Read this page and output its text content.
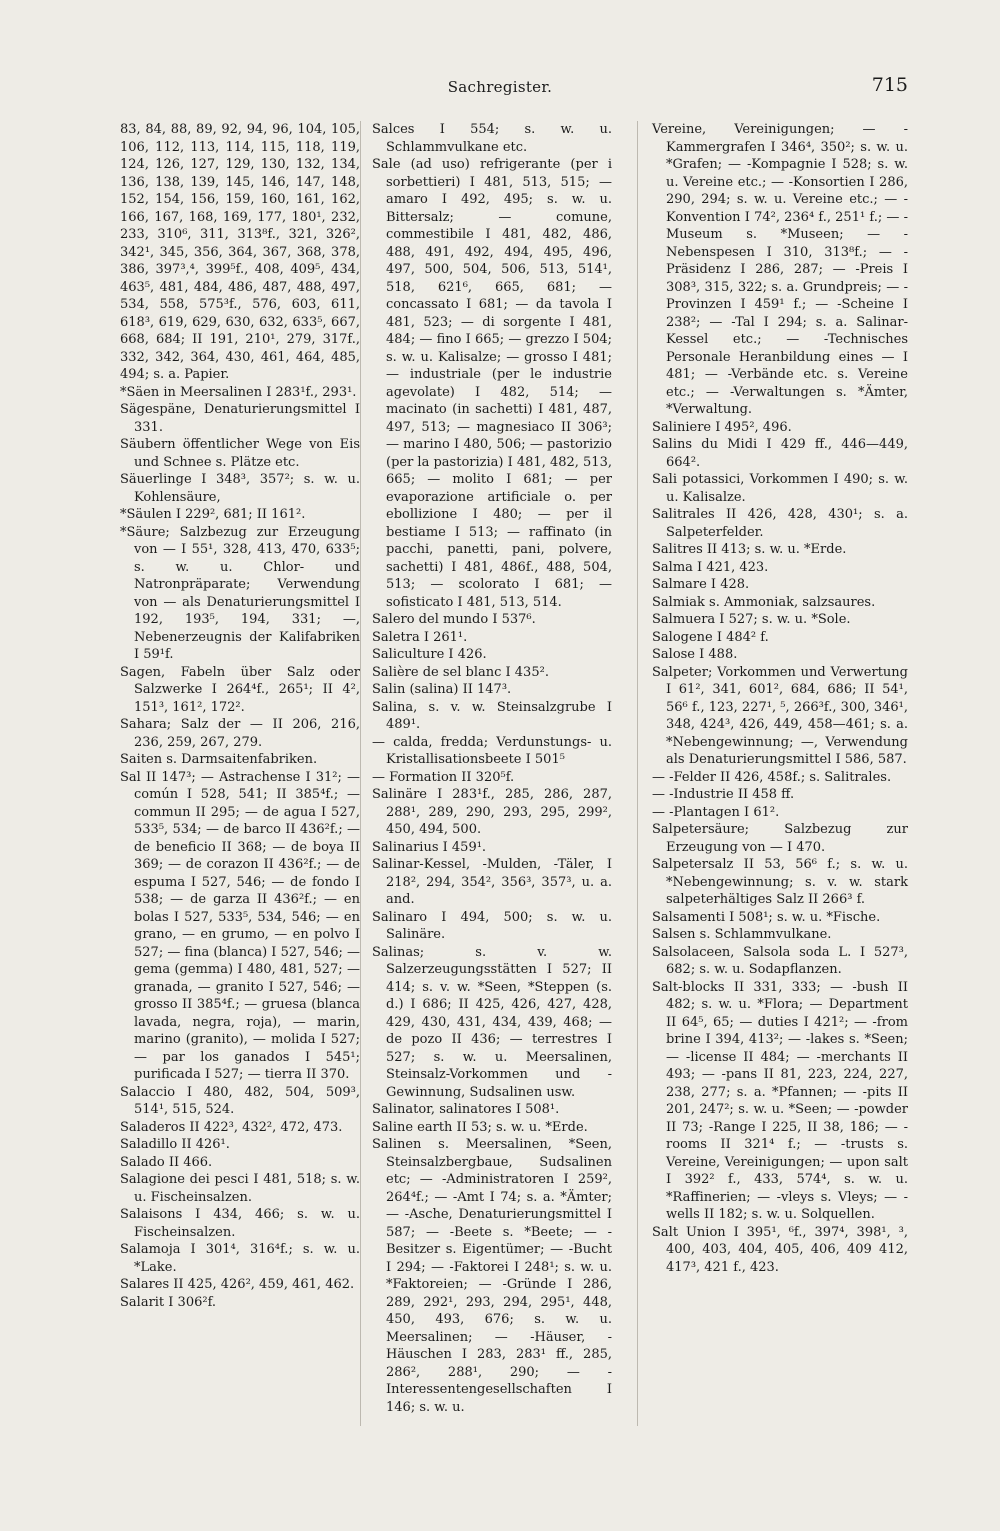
Sachregister.	715

83, 84, 88, 89, 92, 94, 96, 104, 105, 106, 112, 113, 114, 115, 118, 119, 124, 126, 127, 129, 130, 132, 134, 136, 138, 139, 145, 146, 147, 148, 152, 154, 156, 159, 160, 161, 162, 166, 167, 168, 169, 177, 180¹, 232, 233, 310⁶, 311, 313⁸f., 321, 326², 342¹, 345, 356, 364, 367, 368, 378, 386, 397³,⁴, 399⁵f., 408, 409⁵, 434, 463⁵, 481, 484, 486, 487, 488, 497, 534, 558, 575³f., 576, 603, 611, 618³, 619, 629, 630, 632, 633⁵, 667, 668, 684; II 191, 210¹, 279, 317f., 332, 342, 364, 430, 461, 464, 485, 494; s. a. Papier.

*Säen in Meersalinen I 283¹f., 293¹.

Sägespäne, Denaturierungsmittel I 331.

Säubern öffentlicher Wege von Eis und Schnee s. Plätze etc.

Säuerlinge I 348³, 357²; s. w. u. Kohlensäure,

*Säulen I 229², 681; II 161².

*Säure; Salzbezug zur Erzeugung von — I 55¹, 328, 413, 470, 633⁵; s. w. u. Chlor- und Natronpräparate; Verwendung von — als Denaturierungsmittel I 192, 193⁵, 194, 331; —, Nebenerzeugnis der Kalifabriken I 59¹f.

Sagen, Fabeln über Salz oder Salzwerke I 264⁴f., 265¹; II 4², 151³, 161², 172².

Sahara; Salz der — II 206, 216, 236, 259, 267, 279.

Saiten s. Darmsaitenfabriken.

Sal II 147³; — Astrachense I 31²; — común I 528, 541; II 385⁴f.; — commun II 295; — de agua I 527, 533⁵, 534; — de barco II 436²f.; — de beneficio II 368; — de boya II 369; — de corazon II 436²f.; — de espuma I 527, 546; — de fondo I 538; — de garza II 436²f.; — en bolas I 527, 533⁵, 534, 546; — en grano, — en grumo, — en polvo I 527; — fina (blanca) I 527, 546; — gema (gemma) I 480, 481, 527; — granada, — granito I 527, 546; — grosso II 385⁴f.; — gruesa (blanca lavada, negra, roja), — marin, marino (granito), — molida I 527; — par los ganados I 545¹; purificada I 527; — tierra II 370.

Salaccio I 480, 482, 504, 509³, 514¹, 515, 524.

Saladeros II 422³, 432², 472, 473.

Saladillo II 426¹.

Salado II 466.

Salagione dei pesci I 481, 518; s. w. u. Fischeinsalzen.

Salaisons I 434, 466; s. w. u. Fischeinsalzen.

Salamoja I 301⁴, 316⁴f.; s. w. u. *Lake.

Salares II 425, 426², 459, 461, 462.

Salarit I 306²f.

Salces I 554; s. w. u. Schlammvulkane etc.

Sale (ad uso) refrigerante (per i sorbettieri) I 481, 513, 515; — amaro I 492, 495; s. w. u. Bittersalz; — comune, commestibile I 481, 482, 486, 488, 491, 492, 494, 495, 496, 497, 500, 504, 506, 513, 514¹, 518, 621⁶, 665, 681; — concassato I 681; — da tavola I 481, 523; — di sorgente I 481, 484; — fino I 665; — grezzo I 504; s. w. u. Kalisalze; — grosso I 481; — industriale (per le industrie agevolate) I 482, 514; — macinato (in sachetti) I 481, 487, 497, 513; — magnesiaco II 306³; — marino I 480, 506; — pastorizio (per la pastorizia) I 481, 482, 513, 665; — molito I 681; — per evaporazione artificiale o. per ebollizione I 480; — per il bestiame I 513; — raffinato (in pacchi, panetti, pani, polvere, sachetti) I 481, 486f., 488, 504, 513; — scolorato I 681; — sofisticato I 481, 513, 514.

Salero del mundo I 537⁶.

Saletra I 261¹.

Saliculture I 426.

Salière de sel blanc I 435².

Salin (salina) II 147³.

Salina, s. v. w. Steinsalzgrube I 489¹.

— calda, fredda; Verdunstungs- u. Kristallisationsbeete I 501⁵

— Formation II 320⁵f.

Salinäre I 283¹f., 285, 286, 287, 288¹, 289, 290, 293, 295, 299², 450, 494, 500.

Salinarius I 459¹.

Salinar-Kessel, -Mulden, -Täler, I 218², 294, 354², 356³, 357³, u. a. and.

Salinaro I 494, 500; s. w. u. Salinäre.

Salinas; s. v. w. Salzerzeugungsstätten I 527; II 414; s. v. w. *Seen, *Steppen (s. d.) I 686; II 425, 426, 427, 428, 429, 430, 431, 434, 439, 468; — de pozo II 436; — terrestres I 527; s. w. u. Meersalinen, Steinsalz-Vorkommen und -Gewinnung, Sudsalinen usw.

Salinator, salinatores I 508¹.

Saline earth II 53; s. w. u. *Erde.

Salinen s. Meersalinen, *Seen, Steinsalzbergbaue, Sudsalinen etc; — -Administratoren I 259², 264⁴f.; — -Amt I 74; s. a. *Ämter; — -Asche, Denaturierungsmittel I 587; — -Beete s. *Beete; — -Besitzer s. Eigentümer; — -Bucht I 294; — -Faktorei I 248¹; s. w. u. *Faktoreien; — -Gründe I 286, 289, 292¹, 293, 294, 295¹, 448, 450, 493, 676; s. w. u. Meersalinen; — -Häuser, -Häuschen I 283, 283¹ ff., 285, 286², 288¹, 290; — -Interessentengesellschaften I 146; s. w. u.

Vereine, Vereinigungen; — -Kammergrafen I 346⁴, 350²; s. w. u. *Grafen; — -Kompagnie I 528; s. w. u. Vereine etc.; — -Konsortien I 286, 290, 294; s. w. u. Vereine etc.; — -Konvention I 74², 236⁴ f., 251¹ f.; — -Museum s. *Museen; — -Nebenspesen I 310, 313⁸f.; — -Präsidenz I 286, 287; — -Preis I 308³, 315, 322; s. a. Grundpreis; — -Provinzen I 459¹ f.; — -Scheine I 238²; — -Tal I 294; s. a. Salinar-Kessel etc.; — -Technisches Personale Heranbildung eines — I 481; — -Verbände etc. s. Vereine etc.; — -Verwaltungen s. *Ämter, *Verwaltung.

Saliniere I 495², 496.

Salins du Midi I 429 ff., 446—449, 664².

Sali potassici, Vorkommen I 490; s. w. u. Kalisalze.

Salitrales II 426, 428, 430¹; s. a. Salpeterfelder.

Salitres II 413; s. w. u. *Erde.

Salma I 421, 423.

Salmare I 428.

Salmiak s. Ammoniak, salzsaures.

Salmuera I 527; s. w. u. *Sole.

Salogene I 484² f.

Salose I 488.

Salpeter; Vorkommen und Verwertung I 61², 341, 601², 684, 686; II 54¹, 56⁶ f., 123, 227¹, ⁵, 266³f., 300, 346¹, 348, 424³, 426, 449, 458—461; s. a. *Nebengewinnung; —, Verwendung als Denaturierungsmittel I 586, 587.

— -Felder II 426, 458f.; s. Salitrales.

— -Industrie II 458 ff.

— -Plantagen I 61².

Salpetersäure; Salzbezug zur Erzeugung von — I 470.

Salpetersalz II 53, 56⁶ f.; s. w. u. *Nebengewinnung; s. v. w. stark salpeterhältiges Salz II 266³ f.

Salsamenti I 508¹; s. w. u. *Fische.

Salsen s. Schlammvulkane.

Salsolaceen, Salsola soda L. I 527³, 682; s. w. u. Sodapflanzen.

Salt-blocks II 331, 333; — -bush II 482; s. w. u. *Flora; — Department II 64⁵, 65; — duties I 421²; — -from brine I 394, 413²; — -lakes s. *Seen; — -license II 484; — -merchants II 493; — -pans II 81, 223, 224, 227, 238, 277; s. a. *Pfannen; — -pits II 201, 247²; s. w. u. *Seen; — -powder II 73; -Range I 225, II 38, 186; — -rooms II 321⁴ f.; — -trusts s. Vereine, Vereinigungen; — upon salt I 392² f., 433, 574⁴, s. w. u. *Raffinerien; — -vleys s. Vleys; — -wells II 182; s. w. u. Solquellen.

Salt Union I 395¹, ⁶f., 397⁴, 398¹, ³, 400, 403, 404, 405, 406, 409 412, 417³, 421 f., 423.
